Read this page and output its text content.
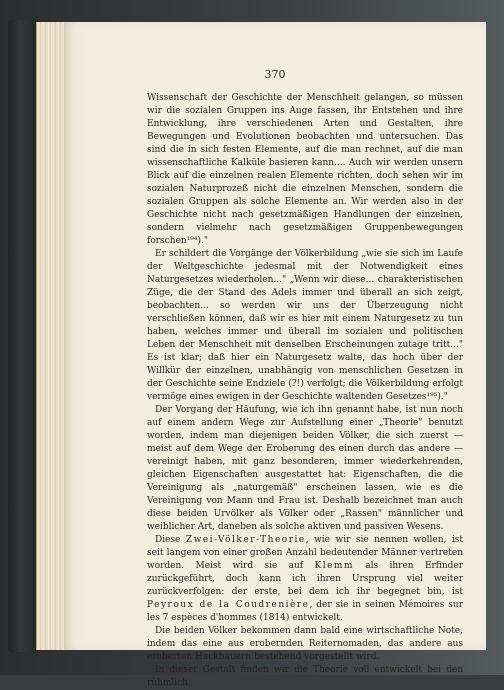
370

Wissenschaft der Geschichte der Menschheit gelangen, so müssen wir die sozialen Gruppen ins Auge fassen, ihr Entstehen und ihre Entwicklung, ihre verschiedenen Arten und Gestalten, ihre Bewegungen und Evolutionen beobachten und untersuchen. Das sind die in sich festen Elemente, auf die man rechnet, auf die man wissenschaftliche Kalküle basieren kann.... Auch wir werden unsern Blick auf die einzelnen realen Elemente richten, doch sehen wir im sozialen Naturprozeß nicht die einzelnen Menschen, sondern die sozialen Gruppen als solche Elemente an. Wir werden also in der Geschichte nicht nach gesetzmäßigen Handlungen der einzelnen, sondern vielmehr nach gesetzmäßigen Gruppenbewegungen forschen¹⁹⁴)."

Er schildert die Vorgänge der Völkerbildung „wie sie sich im Laufe der Weltgeschichte jedesmal mit der Notwendigkeit eines Naturgesetzes wiederholen..." „Wenn wir diese... charakteristischen Züge, die der Stand des Adels immer und überall an sich zeigt, beobachten... so werden wir uns der Überzeugung nicht verschließen können, daß wir es hier mit einem Naturgesetz zu tun haben, welches immer und überall im sozialen und politischen Leben der Menschheit mit denselben Erscheinungen zutage tritt..." Es ist klar; daß hier ein Naturgesetz walte, das hoch über der Willkür der einzelnen, unabhängig von menschlichen Gesetzen in der Geschichte seine Endziele (?!) verfolgt; die Völkerbildung erfolgt vermöge eines ewigen in der Geschichte waltenden Gesetzes¹⁹⁵)."

Der Vorgang der Häufung, wie ich ihn genannt habe, ist nun noch auf einem andern Wege zur Aufstellung einer „Theorie" benutzt worden, indem man diejenigen beiden Völker, die sich zuerst — meist auf dem Wege der Eroberung des einen durch das andere — vereinigt haben, mit ganz besonderen, immer wiederkehrenden, gleichen Eigenschaften ausgestattet hat: Eigenschaften, die die Vereinigung als „naturgemäß" erscheinen lassen, wie es die Vereinigung von Mann und Frau ist. Deshalb bezeichnet man auch diese beiden Urvölker als Völker oder „Rassen" männlicher und weiblicher Art, daneben als solche aktiven und passiven Wesens.

Diese Zwei-Völker-Theorie, wie wir sie nennen wollen, ist seit langem von einer großen Anzahl bedeutender Männer vertreten worden. Meist wird sie auf Klemm als ihren Erfinder zurückgeführt, doch kann ich ihren Ursprung viel weiter zurückverfolgen: der erste, bei dem ich ihr begegnet bin, ist Peyroux de la Coudrenière, der sie in seinen Mémoires sur les 7 espèces d'hommes (1814) entwickelt.

Die beiden Völker bekommen dann bald eine wirtschaftliche Note, indem das eine aus erobernden Reiternomaden, das andere aus eroberten Hackbauern bestehend vorgestellt wird.

In dieser Gestalt finden wir die Theorie voll entwickelt bei den rühmlich
